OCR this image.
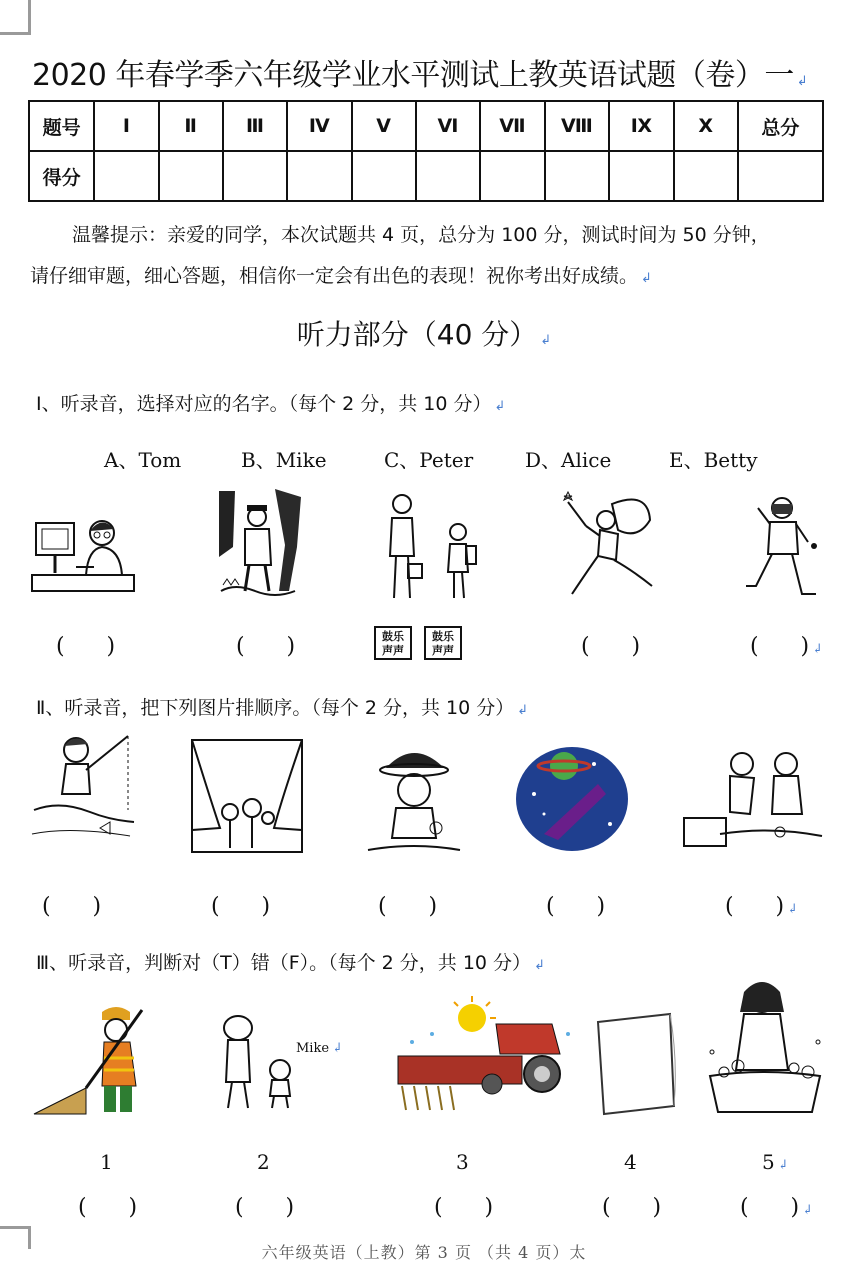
2020 年春学季六年级学业水平测试上教英语试题（卷）一 ↲
题号	Ⅰ	Ⅱ	Ⅲ	Ⅳ	Ⅴ	Ⅵ	Ⅶ	Ⅷ	Ⅸ	Ⅹ	总分
得分											
温馨提示：亲爱的同学，本次试题共 4 页，总分为 100 分，测试时间为 50 分钟，
请仔细审题，细心答题，相信你一定会有出色的表现！祝你考出好成绩。 ↲
听力部分（40 分） ↲
Ⅰ、听录音，选择对应的名字。（每个 2 分，共 10 分） ↲
A、Tom	B、Mike	C、Peter	D、Alice	E、Betty
(      )	(      )	鼓乐
声声
鼓乐
声声	(      )	(      ) ↲
Ⅱ、听录音，把下列图片排顺序。（每个 2 分，共 10 分） ↲
(      )	(      )	(      )	(      )	(      ) ↲
Ⅲ、听录音，判断对（T）错（F）。（每个 2 分，共 10 分） ↲
Mike ↲
1	2	3	4	5 ↲
(      )	(      )	(      )	(      )	(      ) ↲
六年级英语（上教）第 3 页 （共 4 页）太
